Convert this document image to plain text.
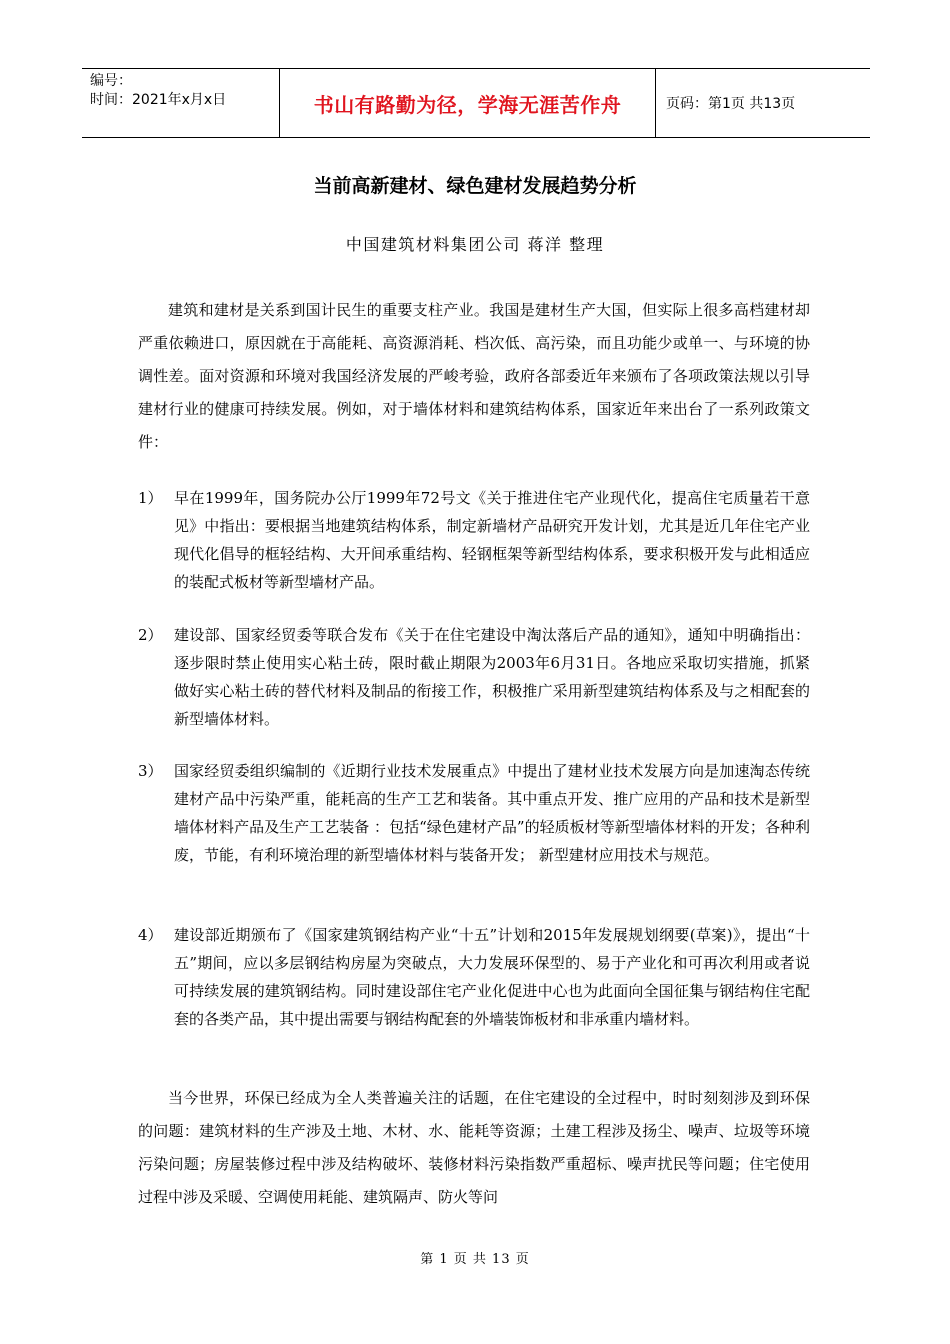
编号：
时间：2021年x月x日	书山有路勤为径，学海无涯苦作舟	页码：第1页 共13页
当前高新建材、绿色建材发展趋势分析
中国建筑材料集团公司 蒋洋 整理

建筑和建材是关系到国计民生的重要支柱产业。我国是建材生产大国，但实际上很多高档建材却严重依赖进口，原因就在于高能耗、高资源消耗、档次低、高污染，而且功能少或单一、与环境的协调性差。面对资源和环境对我国经济发展的严峻考验，政府各部委近年来颁布了各项政策法规以引导建材行业的健康可持续发展。例如，对于墙体材料和建筑结构体系，国家近年来出台了一系列政策文件：

1） 早在1999年，国务院办公厅1999年72号文《关于推进住宅产业现代化，提高住宅质量若干意见》中指出：要根据当地建筑结构体系，制定新墙材产品研究开发计划，尤其是近几年住宅产业现代化倡导的框轻结构、大开间承重结构、轻钢框架等新型结构体系，要求积极开发与此相适应的装配式板材等新型墙材产品。

2） 建设部、国家经贸委等联合发布《关于在住宅建设中淘汰落后产品的通知》，通知中明确指出：逐步限时禁止使用实心粘土砖，限时截止期限为2003年6月31日。各地应采取切实措施，抓紧做好实心粘土砖的替代材料及制品的衔接工作，积极推广采用新型建筑结构体系及与之相配套的新型墙体材料。

3） 国家经贸委组织编制的《近期行业技术发展重点》中提出了建材业技术发展方向是加速淘态传统建材产品中污染严重，能耗高的生产工艺和装备。其中重点开发、推广应用的产品和技术是新型墙体材料产品及生产工艺装备 ：包括“绿色建材产品”的轻质板材等新型墙体材料的开发；各种利废，节能，有利环境治理的新型墙体材料与装备开发； 新型建材应用技术与规范。

4） 建设部近期颁布了《国家建筑钢结构产业“十五”计划和2015年发展规划纲要(草案)》，提出“十五”期间，应以多层钢结构房屋为突破点，大力发展环保型的、易于产业化和可再次利用或者说可持续发展的建筑钢结构。同时建设部住宅产业化促进中心也为此面向全国征集与钢结构住宅配套的各类产品，其中提出需要与钢结构配套的外墙装饰板材和非承重内墙材料。

当今世界，环保已经成为全人类普遍关注的话题，在住宅建设的全过程中，时时刻刻涉及到环保的问题：建筑材料的生产涉及土地、木材、水、能耗等资源；土建工程涉及扬尘、噪声、垃圾等环境污染问题；房屋装修过程中涉及结构破坏、装修材料污染指数严重超标、噪声扰民等问题；住宅使用过程中涉及采暖、空调使用耗能、建筑隔声、防火等问

第 1 页 共 13 页
